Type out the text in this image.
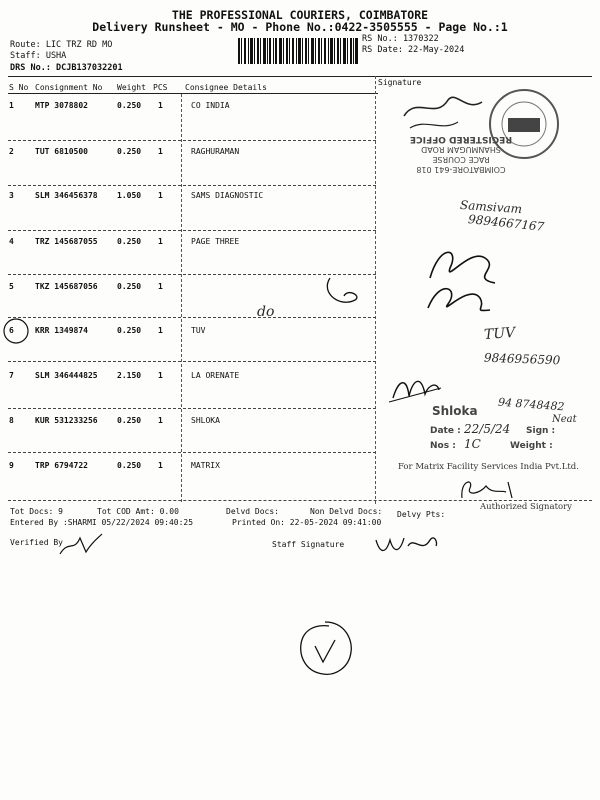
THE PROFESSIONAL COURIERS, COIMBATORE
Delivery Runsheet - MO - Phone No.:0422-3505555 - Page No.:1
Route: LIC TRZ RD MO
Staff: USHA
DRS No.: DCJB137032201
RS No.: 1370322
RS Date: 22-May-2024
S No Consignment No Weight PCS Consignee Details
Signature
1	MTP 3078802	0.250 1	CO INDIA
2	TUT 6810500	0.250 1	RAGHURAMAN
3	SLM 346456378 1.050 1	SAMS DIAGNOSTIC
4	TRZ 145687055 0.250 1	PAGE THREE
5	TKZ 145687056 0.250 1
6	KRR 1349874	0.250 1	TUV
7	SLM 346444825 2.150 1	LA ORENATE
8	KUR 531233256 0.250 1	SHLOKA
9	TRP 6794722	0.250 1	MATRIX
Tot Docs: 9	Tot COD Amt: 0.00	Delvd Docs:	Non Delvd Docs: Delvy Pts:
Entered By :SHARMI 05/22/2024 09:40:25	Printed On: 22-05-2024 09:41:00
Verified By	Staff Signature
COIMBATORE-641 018
RACE COURSE
SHANMUGAM ROAD
REGISTERED OFFICE
Samsivam
9894667167
do
TUV
9846956590
Shloka 94 8748482
Date : 22/5/24 Sign :
Neat
Nos : 1C	Weight :
For Matrix Facility Services India Pvt.Ltd.
Authorized Signatory
